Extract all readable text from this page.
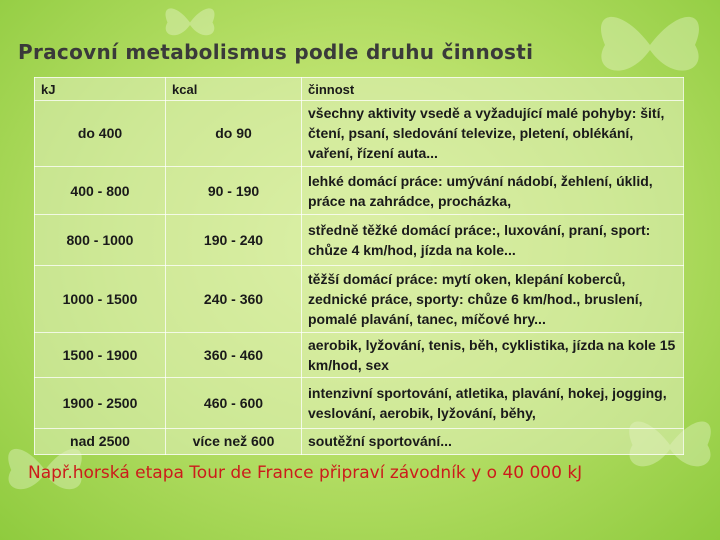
Pracovní metabolismus podle druhu činnosti
kJ	kcal	činnost
do 400	do 90	všechny aktivity vsedě a vyžadující malé pohyby: šití, čtení, psaní, sledování televize, pletení, oblékání, vaření, řízení auta...
400 - 800	90 - 190	lehké domácí práce: umývání nádobí, žehlení, úklid, práce na zahrádce, procházka,
800 - 1000	190 - 240	středně těžké domácí práce:, luxování, praní, sport: chůze 4 km/hod, jízda na kole...
1000 - 1500	240 - 360	těžší domácí práce: mytí oken, klepání koberců, zednické práce, sporty: chůze 6 km/hod., bruslení, pomalé plavání, tanec, míčové hry...
1500 - 1900	360 - 460	aerobik, lyžování, tenis, běh, cyklistika, jízda na kole 15 km/hod, sex
1900 - 2500	460 - 600	intenzivní sportování, atletika, plavání, hokej, jogging, veslování, aerobik, lyžování, běhy,
nad 2500	více než 600	soutěžní sportování...

Např.horská etapa Tour de France připraví závodník y o 40 000 kJ
